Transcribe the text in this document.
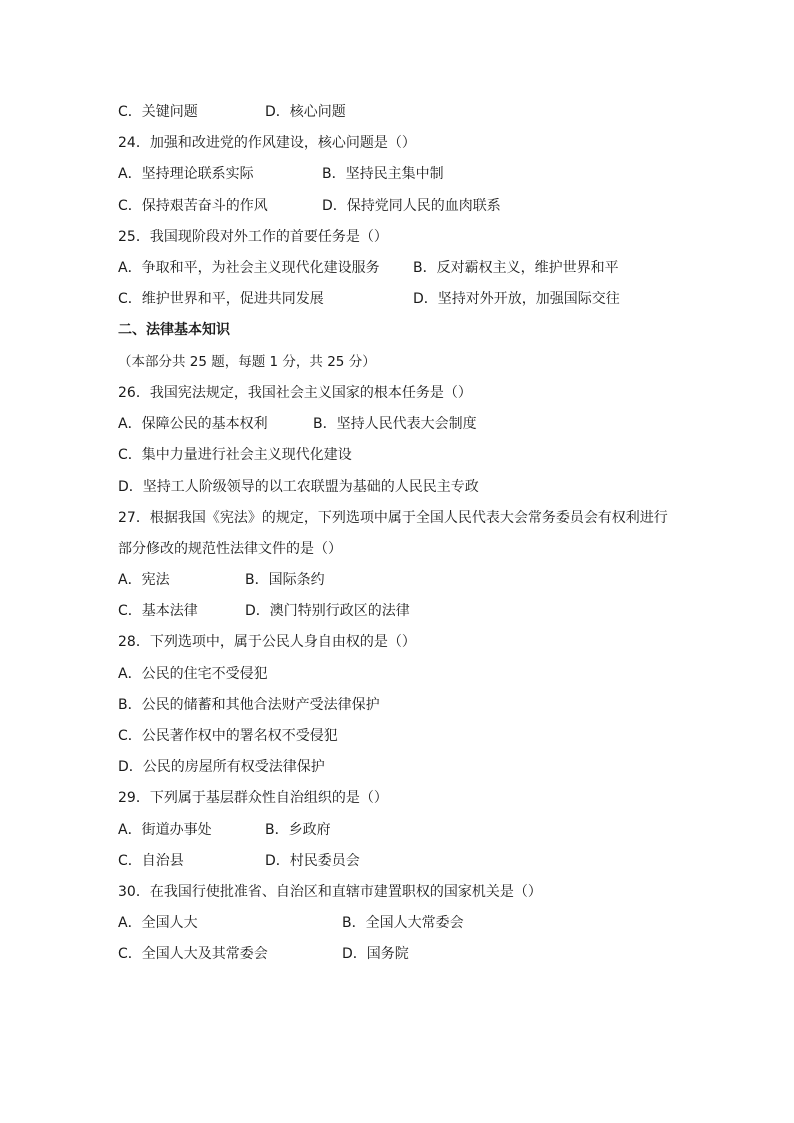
C．关键问题	D．核心问题
24．加强和改进党的作风建设，核心问题是（）
A．坚持理论联系实际	B．坚持民主集中制
C．保持艰苦奋斗的作风	D．保持党同人民的血肉联系
25．我国现阶段对外工作的首要任务是（）
A．争取和平，为社会主义现代化建设服务 B．反对霸权主义，维护世界和平
C．维护世界和平，促进共同发展	D．坚持对外开放，加强国际交往
二、法律基本知识
（本部分共 25 题，每题 1 分，共 25 分）
26．我国宪法规定，我国社会主义国家的根本任务是（）
A．保障公民的基本权利	B．坚持人民代表大会制度
C．集中力量进行社会主义现代化建设
D．坚持工人阶级领导的以工农联盟为基础的人民民主专政
27．根据我国《宪法》的规定，下列选项中属于全国人民代表大会常务委员会有权利进行
部分修改的规范性法律文件的是（）
A．宪法	B．国际条约
C．基本法律	D．澳门特别行政区的法律
28．下列选项中，属于公民人身自由权的是（）
A．公民的住宅不受侵犯
B．公民的储蓄和其他合法财产受法律保护
C．公民著作权中的署名权不受侵犯
D．公民的房屋所有权受法律保护
29．下列属于基层群众性自治组织的是（）
A．街道办事处	B．乡政府
C．自治县	D．村民委员会
30．在我国行使批准省、自治区和直辖市建置职权的国家机关是（）
A．全国人大	B．全国人大常委会
C．全国人大及其常委会	D．国务院
